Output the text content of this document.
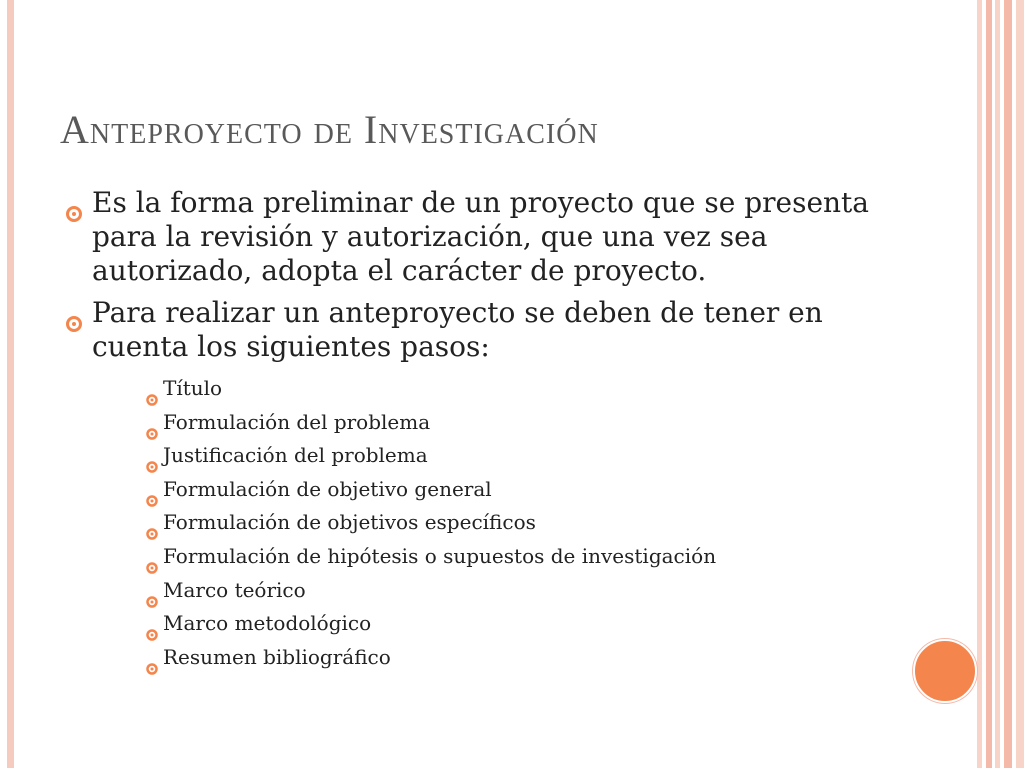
Anteproyecto de Investigación
Es la forma preliminar de un proyecto que se presenta para la revisión y autorización, que una vez sea autorizado, adopta el carácter de proyecto.
Para realizar un anteproyecto se deben de tener en cuenta los siguientes pasos:
Título
Formulación del problema
Justificación del problema
Formulación de objetivo general
Formulación de objetivos específicos
Formulación de hipótesis o supuestos de investigación
Marco teórico
Marco metodológico
Resumen bibliográfico
